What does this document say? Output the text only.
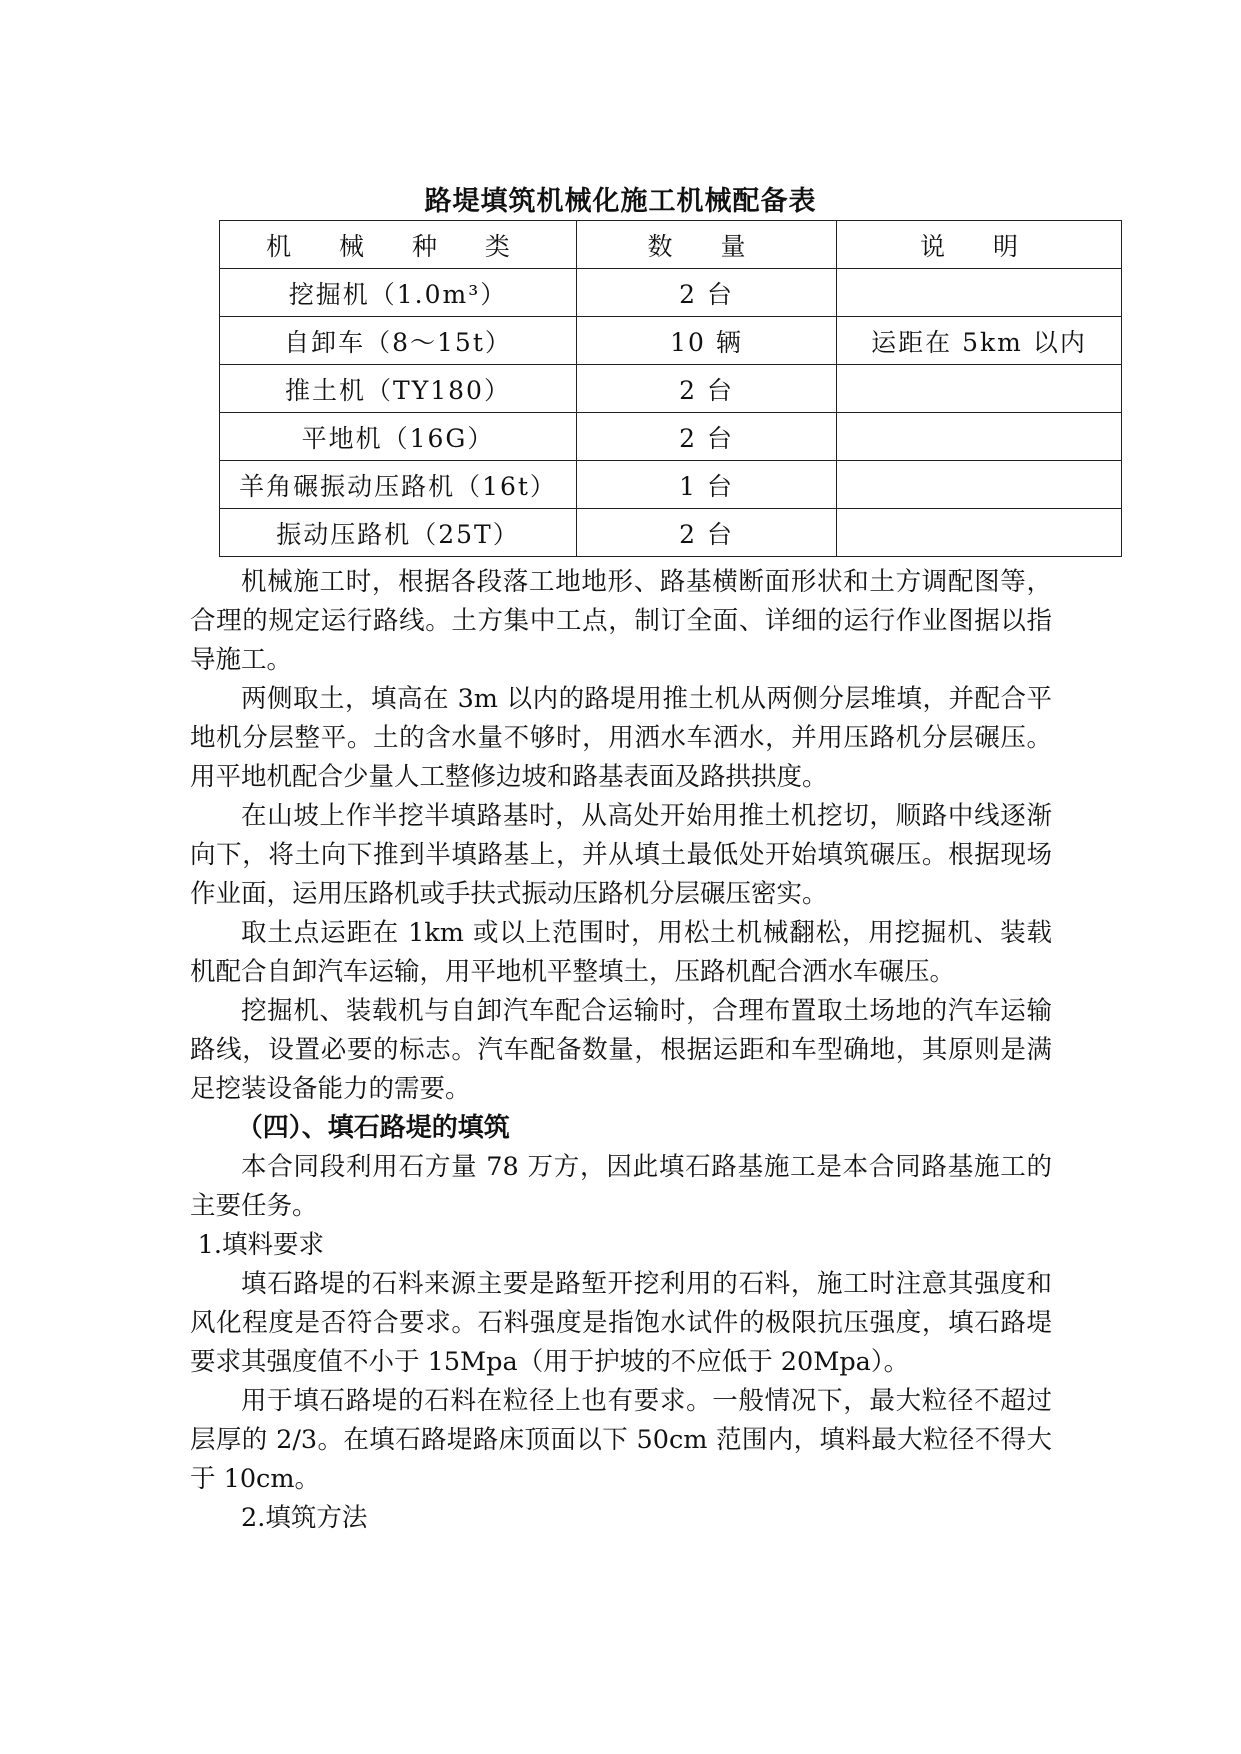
路堤填筑机械化施工机械配备表
机 械 种 类	数 量	说 明
挖掘机（1.0m³）	2 台	
自卸车（8～15t）	10 辆	运距在 5km 以内
推土机（TY180）	2 台	
平地机（16G）	2 台	
羊角碾振动压路机（16t）	1 台	
振动压路机（25T）	2 台	

机械施工时，根据各段落工地地形、路基横断面形状和土方调配图等，合理的规定运行路线。土方集中工点，制订全面、详细的运行作业图据以指导施工。

两侧取土，填高在 3m 以内的路堤用推土机从两侧分层堆填，并配合平地机分层整平。土的含水量不够时，用洒水车洒水，并用压路机分层碾压。用平地机配合少量人工整修边坡和路基表面及路拱拱度。

在山坡上作半挖半填路基时，从高处开始用推土机挖切，顺路中线逐渐向下，将土向下推到半填路基上，并从填土最低处开始填筑碾压。根据现场作业面，运用压路机或手扶式振动压路机分层碾压密实。

取土点运距在 1km 或以上范围时，用松土机械翻松，用挖掘机、装载机配合自卸汽车运输，用平地机平整填土，压路机配合洒水车碾压。

挖掘机、装载机与自卸汽车配合运输时，合理布置取土场地的汽车运输路线，设置必要的标志。汽车配备数量，根据运距和车型确地，其原则是满足挖装设备能力的需要。

（四）、填石路堤的填筑

本合同段利用石方量 78 万方，因此填石路基施工是本合同路基施工的主要任务。

1.填料要求

填石路堤的石料来源主要是路堑开挖利用的石料，施工时注意其强度和风化程度是否符合要求。石料强度是指饱水试件的极限抗压强度，填石路堤要求其强度值不小于 15Mpa（用于护坡的不应低于 20Mpa）。

用于填石路堤的石料在粒径上也有要求。一般情况下，最大粒径不超过层厚的 2/3。在填石路堤路床顶面以下 50cm 范围内，填料最大粒径不得大于 10cm。

2.填筑方法
